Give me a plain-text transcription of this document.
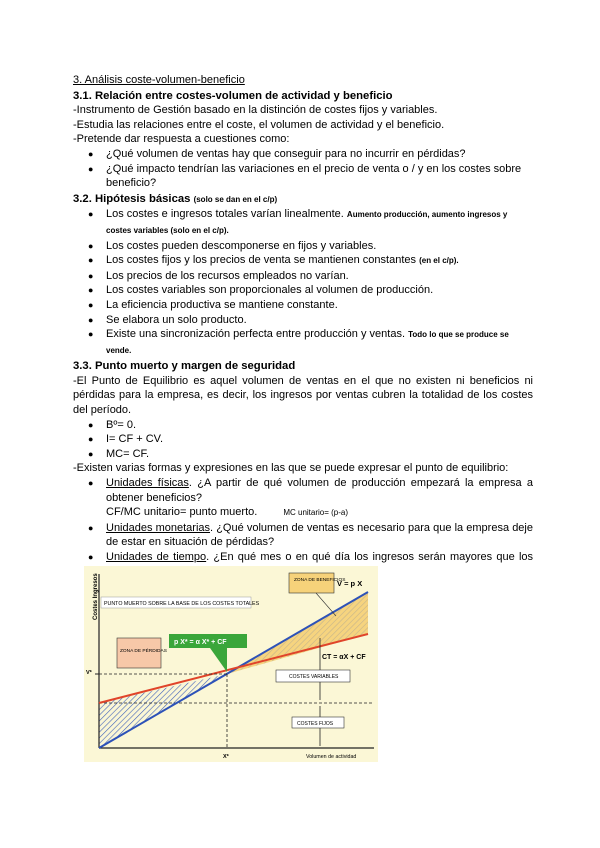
3. Análisis coste-volumen-beneficio

3.1. Relación entre costes-volumen de actividad y beneficio

-Instrumento de Gestión basado en la distinción de costes fijos y variables.

-Estudia las relaciones entre el coste, el volumen de actividad y el beneficio.

-Pretende dar respuesta a cuestiones como:

● ¿Qué volumen de ventas hay que conseguir para no incurrir en pérdidas?
● ¿Qué impacto tendrían las variaciones en el precio de venta o / y en los costes sobre beneficio?

3.2. Hipótesis básicas (solo se dan en el c/p)

● Los costes e ingresos totales varían linealmente. Aumento producción, aumento ingresos y costes variables (solo en el c/p).
● Los costes pueden descomponerse en fijos y variables.
● Los costes fijos y los precios de venta se mantienen constantes (en el c/p).
● Los precios de los recursos empleados no varían.
● Los costes variables son proporcionales al volumen de producción.
● La eficiencia productiva se mantiene constante.
● Se elabora un solo producto.
● Existe una sincronización perfecta entre producción y ventas. Todo lo que se produce se vende.

3.3. Punto muerto y margen de seguridad

-El Punto de Equilibrio es aquel volumen de ventas en el que no existen ni beneficios ni pérdidas para la empresa, es decir, los ingresos por ventas cubren la totalidad de los costes del período.

● Bº= 0.
● I= CF + CV.
● MC= CF.

-Existen varias formas y expresiones en las que se puede expresar el punto de equilibrio:

● Unidades físicas. ¿A partir de qué volumen de producción empezará la empresa a obtener beneficios?

CF/MC unitario= punto muerto.	MC unitario= (p-a)

● Unidades monetarias. ¿Qué volumen de ventas es necesario para que la empresa deje de estar en situación de pérdidas?
● Unidades de tiempo. ¿En qué mes o en qué día los ingresos serán mayores que los
Costes Ingresos PUNTO MUERTO SOBRE LA BASE DE LOS COSTES TOTALES
ZONA DE BENEFICIOS
ZONA DE PÉRDIDAS
V = p X
p X* = α X* + CF
CT = αX + CF
COSTES VARIABLES
COSTES FIJOS
V*
X*	Volumen de actividad
